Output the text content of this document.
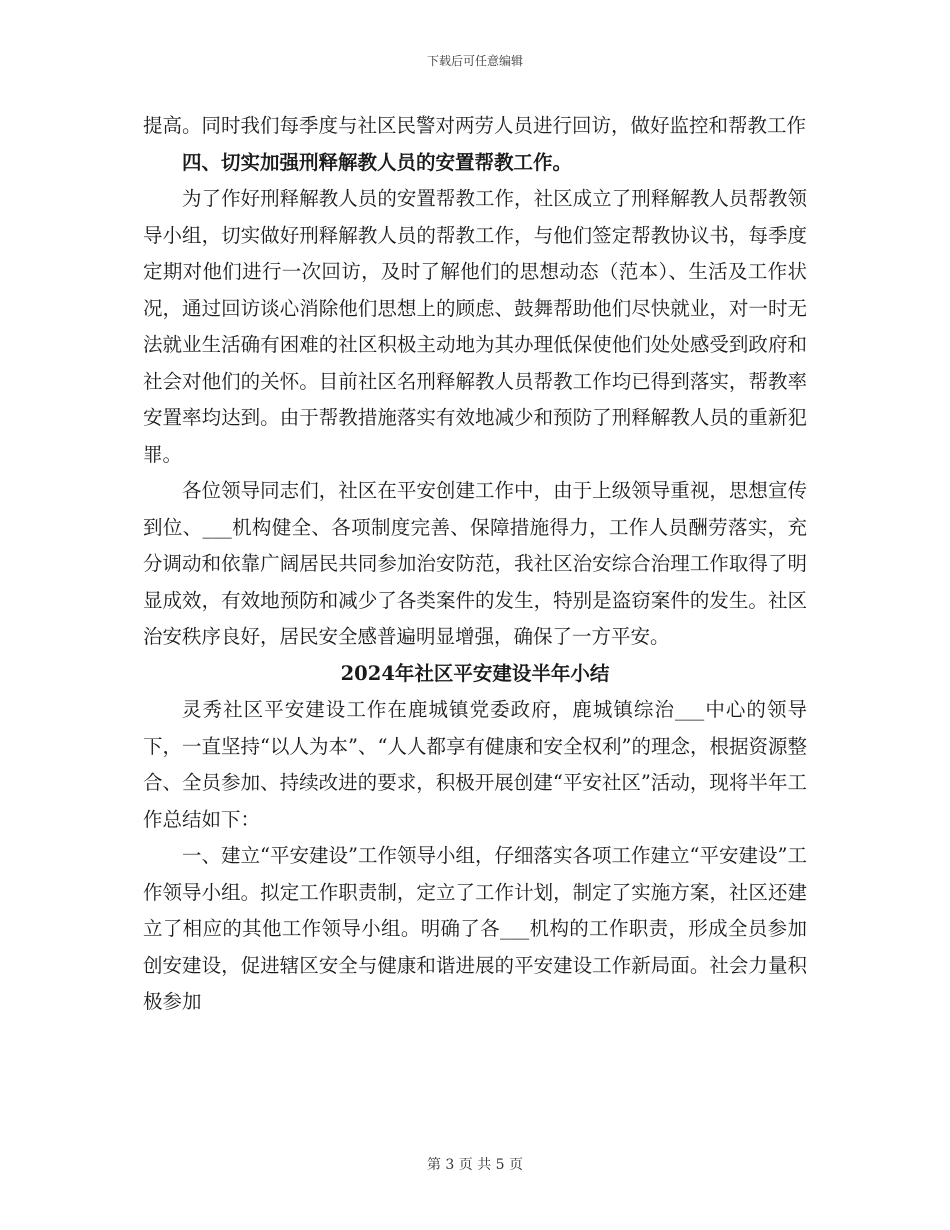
下载后可任意编辑

提高。同时我们每季度与社区民警对两劳人员进行回访，做好监控和帮教工作

四、切实加强刑释解教人员的安置帮教工作。

为了作好刑释解教人员的安置帮教工作，社区成立了刑释解教人员帮教领导小组，切实做好刑释解教人员的帮教工作，与他们签定帮教协议书，每季度定期对他们进行一次回访，及时了解他们的思想动态（范本）、生活及工作状况，通过回访谈心消除他们思想上的顾虑、鼓舞帮助他们尽快就业，对一时无法就业生活确有困难的社区积极主动地为其办理低保使他们处处感受到政府和社会对他们的关怀。目前社区名刑释解教人员帮教工作均已得到落实，帮教率安置率均达到。由于帮教措施落实有效地减少和预防了刑释解教人员的重新犯罪。

各位领导同志们，社区在平安创建工作中，由于上级领导重视，思想宣传到位、___机构健全、各项制度完善、保障措施得力，工作人员酬劳落实，充分调动和依靠广阔居民共同参加治安防范，我社区治安综合治理工作取得了明显成效，有效地预防和减少了各类案件的发生，特别是盗窃案件的发生。社区治安秩序良好，居民安全感普遍明显增强，确保了一方平安。

2024年社区平安建设半年小结

灵秀社区平安建设工作在鹿城镇党委政府，鹿城镇综治___中心的领导下，一直坚持“以人为本”、“人人都享有健康和安全权利”的理念，根据资源整合、全员参加、持续改进的要求，积极开展创建“平安社区”活动，现将半年工作总结如下：

一、建立“平安建设”工作领导小组，仔细落实各项工作建立“平安建设”工作领导小组。拟定工作职责制，定立了工作计划，制定了实施方案，社区还建立了相应的其他工作领导小组。明确了各___机构的工作职责，形成全员参加创安建设，促进辖区安全与健康和谐进展的平安建设工作新局面。社会力量积极参加

第 3 页 共 5 页
